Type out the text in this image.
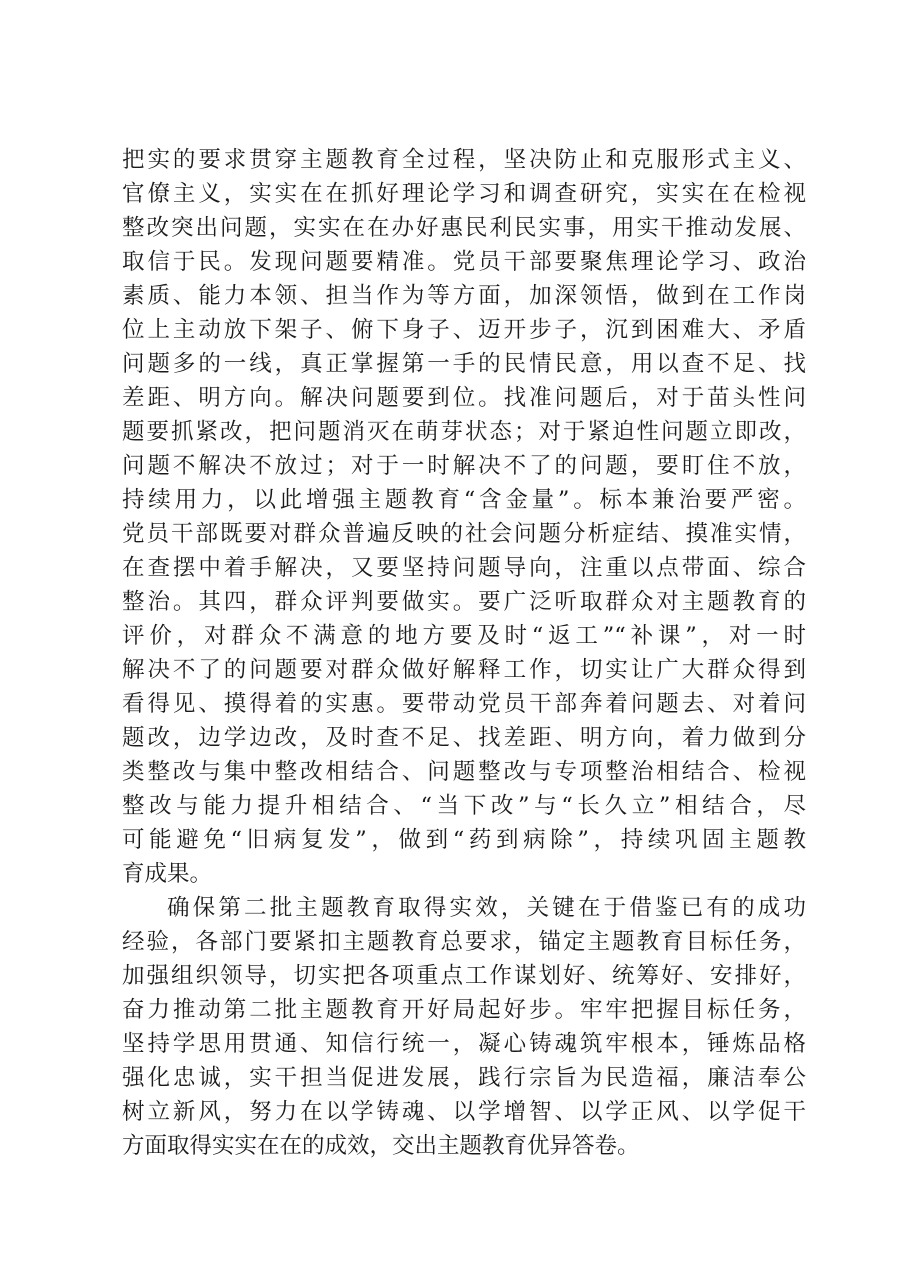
把实的要求贯穿主题教育全过程，坚决防止和克服形式主义、
官僚主义，实实在在抓好理论学习和调查研究，实实在在检视
整改突出问题，实实在在办好惠民利民实事，用实干推动发展、
取信于民。发现问题要精准。党员干部要聚焦理论学习、政治
素质、能力本领、担当作为等方面，加深领悟，做到在工作岗
位上主动放下架子、俯下身子、迈开步子，沉到困难大、矛盾
问题多的一线，真正掌握第一手的民情民意，用以查不足、找
差距、明方向。解决问题要到位。找准问题后，对于苗头性问
题要抓紧改，把问题消灭在萌芽状态；对于紧迫性问题立即改，
问题不解决不放过；对于一时解决不了的问题，要盯住不放，
持续用力，以此增强主题教育“含金量”。标本兼治要严密。
党员干部既要对群众普遍反映的社会问题分析症结、摸准实情，
在查摆中着手解决，又要坚持问题导向，注重以点带面、综合
整治。其四，群众评判要做实。要广泛听取群众对主题教育的
评价，对群众不满意的地方要及时“返工”“补课”，对一时
解决不了的问题要对群众做好解释工作，切实让广大群众得到
看得见、摸得着的实惠。要带动党员干部奔着问题去、对着问
题改，边学边改，及时查不足、找差距、明方向，着力做到分
类整改与集中整改相结合、问题整改与专项整治相结合、检视
整改与能力提升相结合、“当下改”与“长久立”相结合，尽
可能避免“旧病复发”，做到“药到病除”，持续巩固主题教
育成果。
确保第二批主题教育取得实效，关键在于借鉴已有的成功
经验，各部门要紧扣主题教育总要求，锚定主题教育目标任务，
加强组织领导，切实把各项重点工作谋划好、统筹好、安排好，
奋力推动第二批主题教育开好局起好步。牢牢把握目标任务，
坚持学思用贯通、知信行统一，凝心铸魂筑牢根本，锤炼品格
强化忠诚，实干担当促进发展，践行宗旨为民造福，廉洁奉公
树立新风，努力在以学铸魂、以学增智、以学正风、以学促干
方面取得实实在在的成效，交出主题教育优异答卷。
